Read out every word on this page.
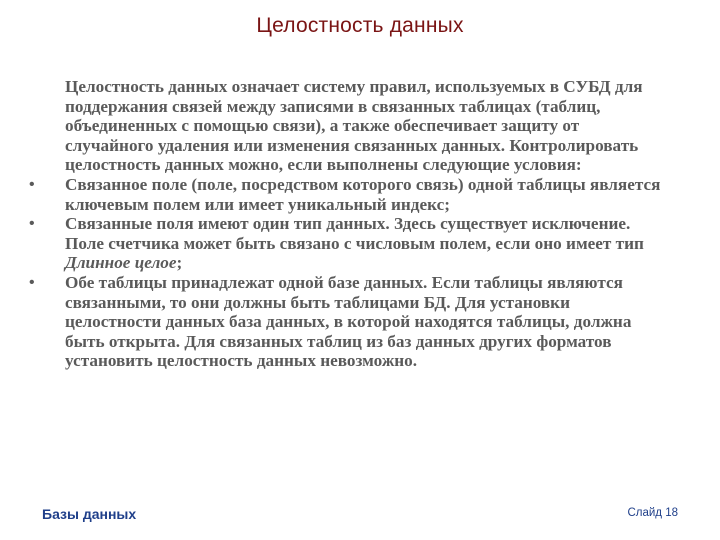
Целостность данных

Целостность данных означает систему правил, используемых в СУБД для поддержания связей между записями в связанных таблицах (таблиц, объединенных с помощью связи), а также обеспечивает защиту от случайного удаления или изменения связанных данных. Контролировать целостность данных можно, если выполнены следующие условия:

• Связанное поле (поле, посредством которого связь) одной таблицы является ключевым полем или имеет уникальный индекс;
• Связанные поля имеют один тип данных. Здесь существует исключение. Поле счетчика может быть связано с числовым полем, если оно имеет тип Длинное целое;
• Обе таблицы принадлежат одной базе данных. Если таблицы являются связанными, то они должны быть таблицами БД. Для установки целостности данных база данных, в которой находятся таблицы, должна быть открыта. Для связанных таблиц из баз данных других форматов установить целостность данных невозможно.
Базы данных	Слайд 18
